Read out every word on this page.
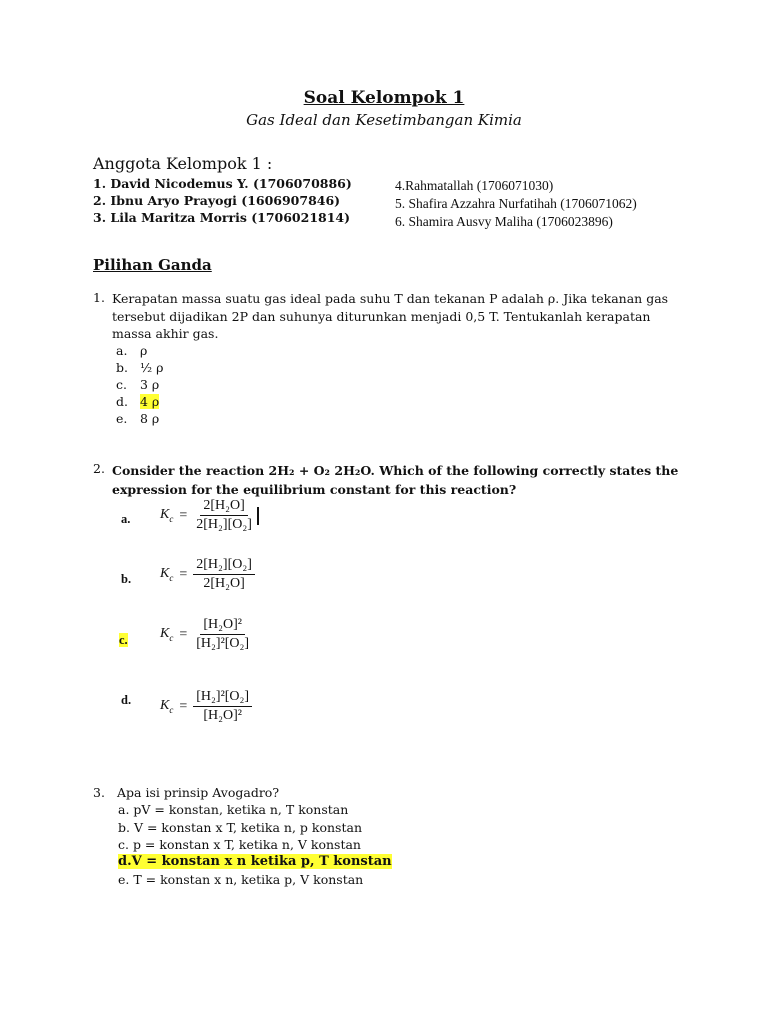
Soal Kelompok 1
Gas Ideal dan Kesetimbangan Kimia
Anggota Kelompok 1 :
1. David Nicodemus Y. (1706070886)
2. Ibnu Aryo Prayogi (1606907846)
3. Lila Maritza Morris (1706021814)
4.Rahmatallah (1706071030)
5. Shafira Azzahra Nurfatihah (1706071062)
6. Shamira Ausvy Maliha (1706023896)
Pilihan Ganda
1. Kerapatan massa suatu gas ideal pada suhu T dan tekanan P adalah ρ. Jika tekanan gas
tersebut dijadikan 2P dan suhunya diturunkan menjadi 0,5 T. Tentukanlah kerapatan
massa akhir gas.
a. ρ
b. ½ ρ
c. 3 ρ
d. 4 ρ
e. 8 ρ
2. Consider the reaction 2H₂ + O₂ 2H₂O. Which of the following correctly states the
expression for the equilibrium constant for this reaction?
a. $K_c = \frac{\text{2[H₂O]}}{\text{2[H₂][O₂]}}$
b. $K_c = \frac{\text{2[H₂][O₂]}}{\text{2[H₂O]}}$
c. $K_c = \frac{\text{[H₂O]²}}{\text{[H₂]²[O₂]}}$
d. $K_c = \frac{\text{[H₂]²[O₂]}}{\text{[H₂O]²}}$
3. Apa isi prinsip Avogadro?
a. pV = konstan, ketika n, T konstan
b. V = konstan x T, ketika n, p konstan
c. p = konstan x T, ketika n, V konstan
d.V = konstan x n ketika p, T konstan
e. T = konstan x n, ketika p, V konstan
